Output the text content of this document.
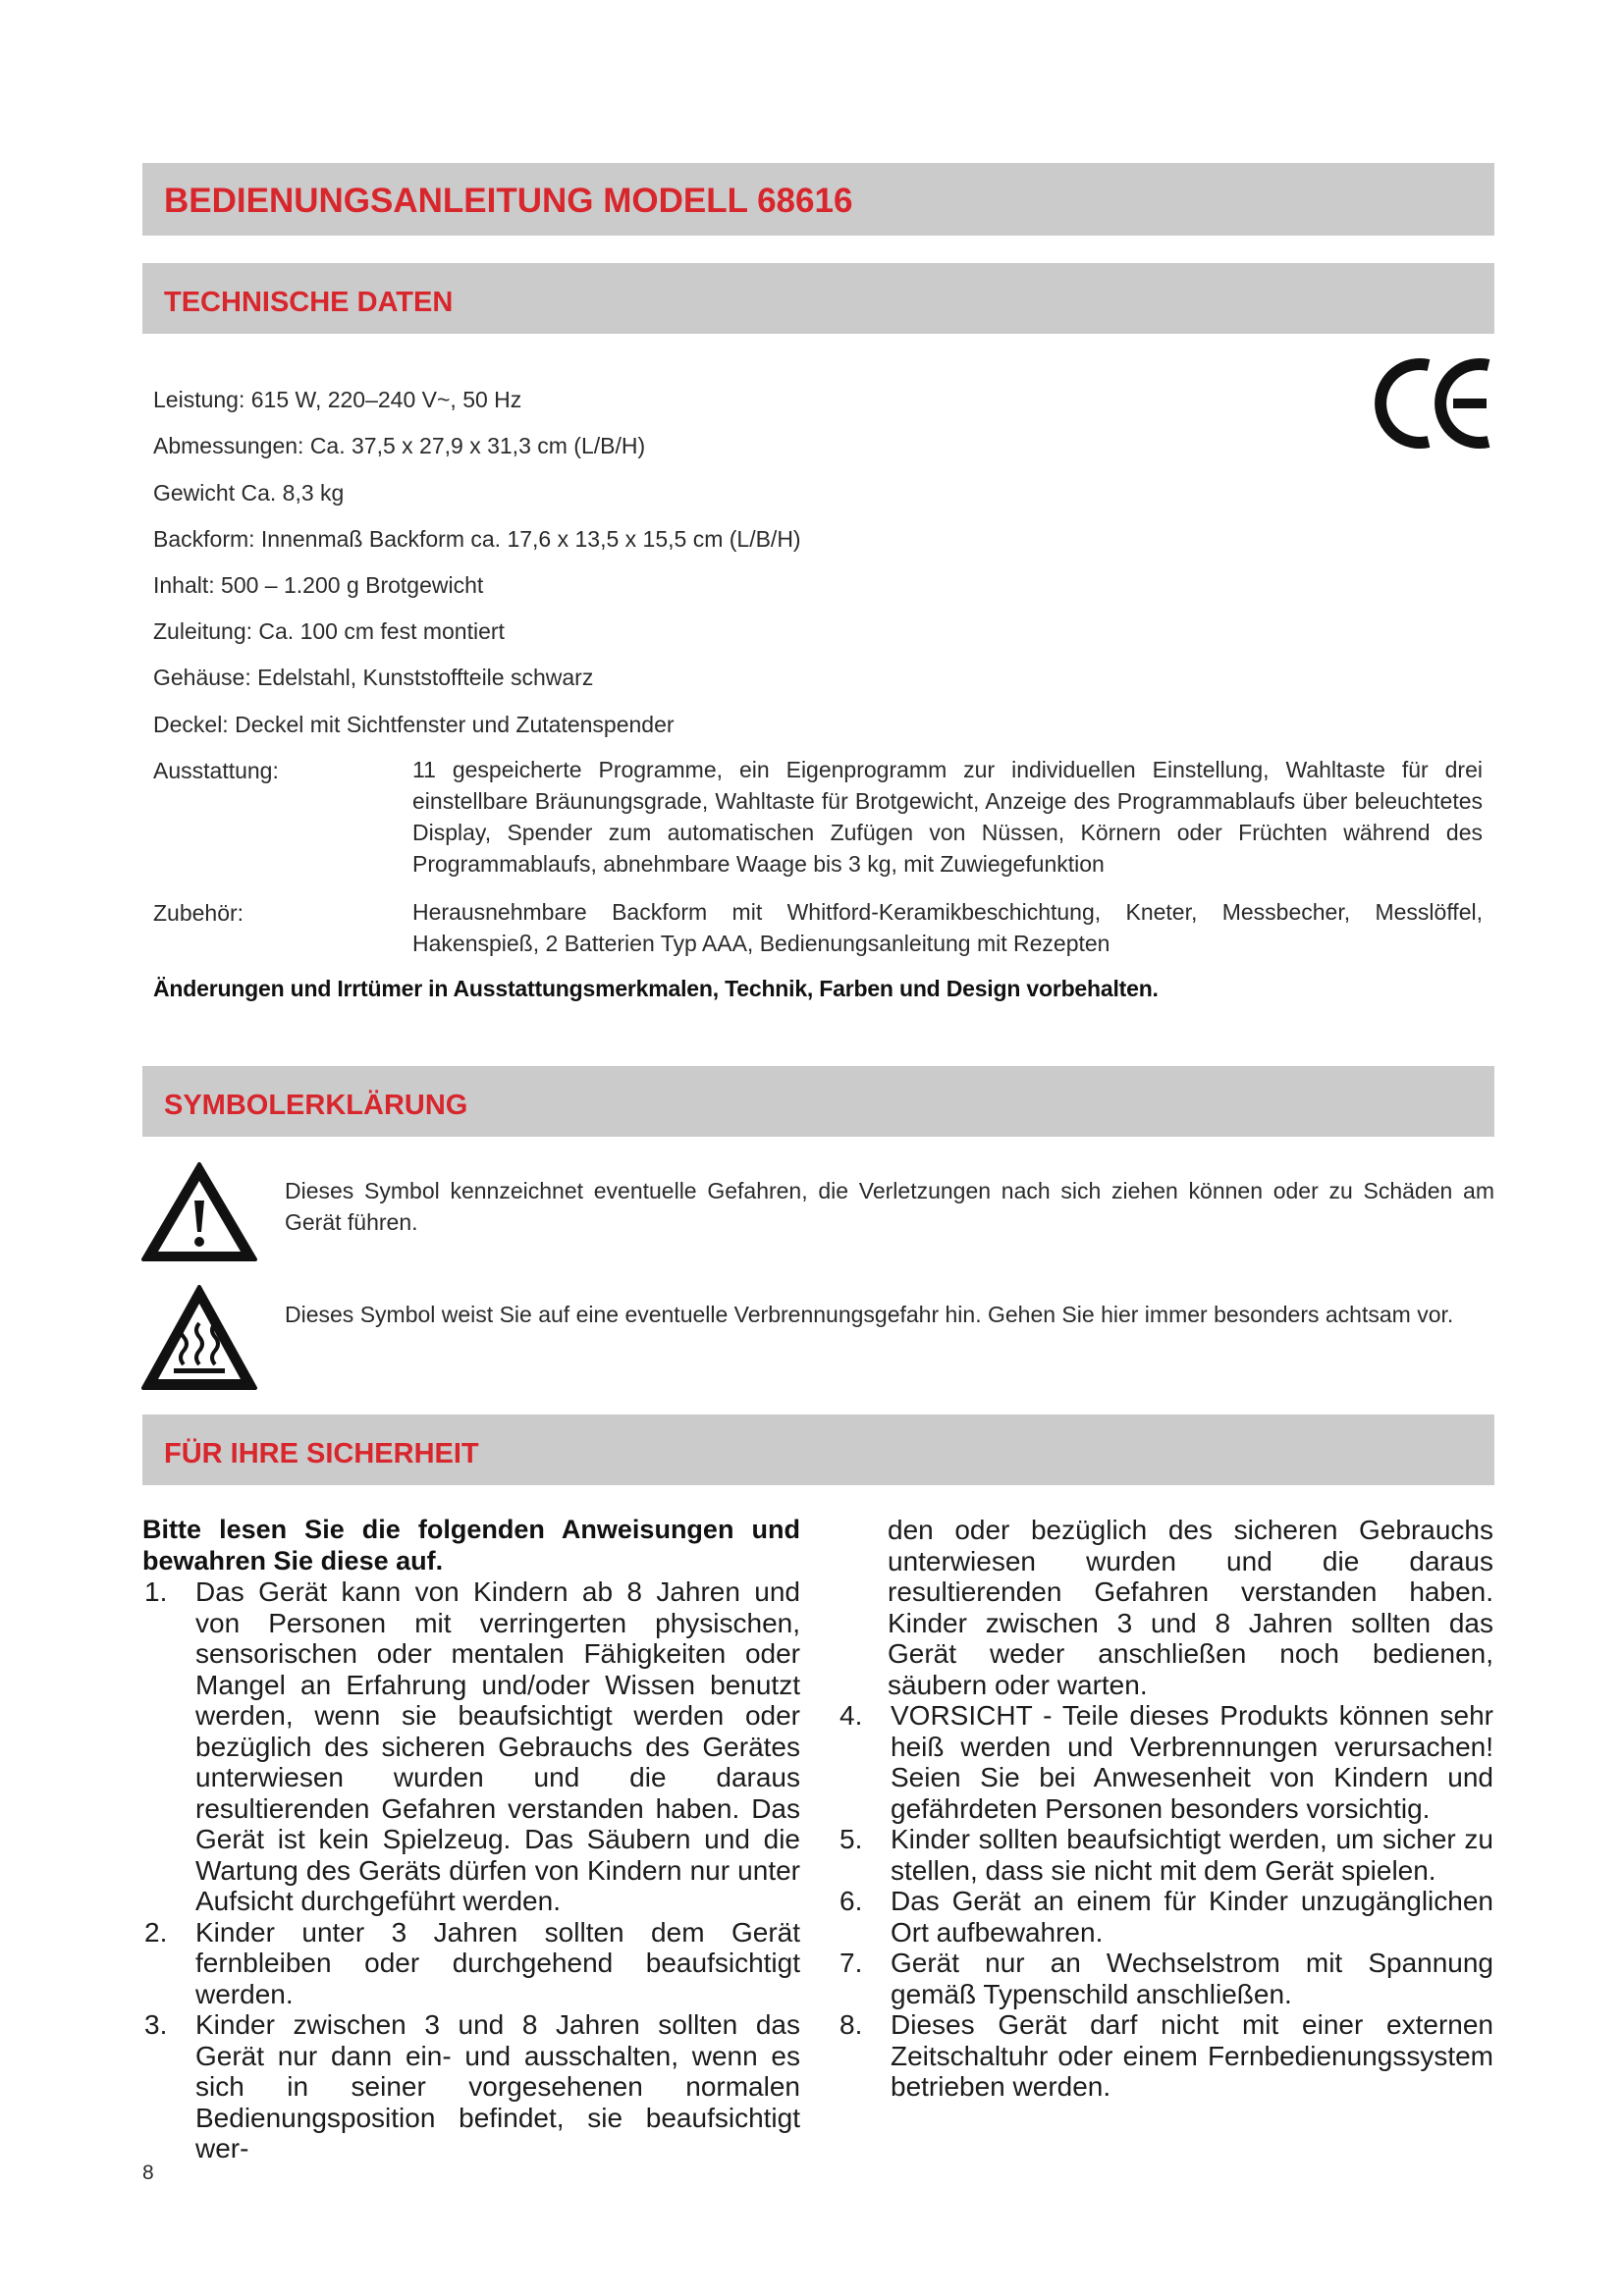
BEDIENUNGSANLEITUNG MODELL 68616
TECHNISCHE DATEN
Leistung: 615 W, 220–240 V~, 50 Hz
Abmessungen: Ca. 37,5 x 27,9 x 31,3 cm (L/B/H)
Gewicht Ca. 8,3 kg
Backform: Innenmaß Backform ca. 17,6 x 13,5 x 15,5 cm (L/B/H)
Inhalt: 500 – 1.200 g Brotgewicht
Zuleitung: Ca. 100 cm fest montiert
Gehäuse: Edelstahl, Kunststoffteile schwarz
Deckel: Deckel mit Sichtfenster und Zutatenspender
Ausstattung:	11 gespeicherte Programme, ein Eigenprogramm zur individuellen Einstellung, Wahltaste für drei einstellbare Bräunungsgrade, Wahltaste für Brotgewicht, Anzeige des Programmablaufs über beleuchtetes Display, Spender zum automatischen Zufügen von Nüssen, Körnern oder Früchten während des Programmablaufs, abnehmbare Waage bis 3 kg, mit Zuwiegefunktion
Zubehör:	Herausnehmbare Backform mit Whitford-Keramikbeschichtung, Kneter, Messbecher, Messlöffel, Hakenspieß, 2 Batterien Typ AAA, Bedienungsanleitung mit Rezepten
Änderungen und Irrtümer in Ausstattungsmerkmalen, Technik, Farben und Design vorbehalten.
SYMBOLERKLÄRUNG
Dieses Symbol kennzeichnet eventuelle Gefahren, die Verletzungen nach sich ziehen können oder zu Schäden am Gerät führen.
Dieses Symbol weist Sie auf eine eventuelle Verbrennungsgefahr hin. Gehen Sie hier immer besonders achtsam vor.
FÜR IHRE SICHERHEIT
Bitte lesen Sie die folgenden Anweisungen und bewahren Sie diese auf.
1. Das Gerät kann von Kindern ab 8 Jahren und von Personen mit verringerten physischen, sensorischen oder mentalen Fähigkeiten oder Mangel an Erfahrung und/oder Wissen benutzt werden, wenn sie beaufsichtigt werden oder bezüglich des sicheren Gebrauchs des Gerätes unterwiesen wurden und die daraus resultierenden Gefahren verstanden haben. Das Gerät ist kein Spielzeug. Das Säubern und die Wartung des Geräts dürfen von Kindern nur unter Aufsicht durchgeführt werden.
2. Kinder unter 3 Jahren sollten dem Gerät fernbleiben oder durchgehend beaufsichtigt werden.
3. Kinder zwischen 3 und 8 Jahren sollten das Gerät nur dann ein- und ausschalten, wenn es sich in seiner vorgesehenen normalen Bedienungsposition befindet, sie beaufsichtigt wer-
den oder bezüglich des sicheren Gebrauchs unterwiesen wurden und die daraus resultierenden Gefahren verstanden haben. Kinder zwischen 3 und 8 Jahren sollten das Gerät weder anschließen noch bedienen, säubern oder warten.
4. VORSICHT - Teile dieses Produkts können sehr heiß werden und Verbrennungen verursachen! Seien Sie bei Anwesenheit von Kindern und gefährdeten Personen besonders vorsichtig.
5. Kinder sollten beaufsichtigt werden, um sicher zu stellen, dass sie nicht mit dem Gerät spielen.
6. Das Gerät an einem für Kinder unzugänglichen Ort aufbewahren.
7. Gerät nur an Wechselstrom mit Spannung gemäß Typenschild anschließen.
8. Dieses Gerät darf nicht mit einer externen Zeitschaltuhr oder einem Fernbedienungssystem betrieben werden.
8
